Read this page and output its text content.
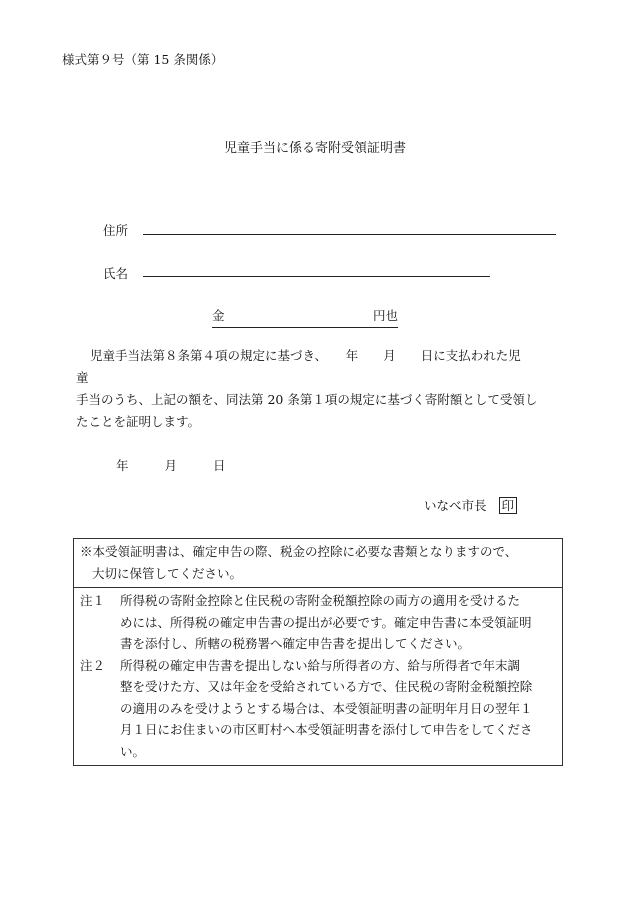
様式第９号（第 15 条関係）
児童手当に係る寄附受領証明書
住所
氏名
金	円也

児童手当法第８条第４項の規定に基づき、　　年　　月　　日に支払われた児

童

手当のうち、上記の額を、同法第 20 条第１項の規定に基づく寄附額として受領し

たことを証明します。

年	月	日
いなべ市長 印

※本受領証明書は、確定申告の際、税金の控除に必要な書類となりますので、

大切に保管してください。

注１	所得税の寄附金控除と住民税の寄附金税額控除の両方の適用を受けるた

めには、所得税の確定申告書の提出が必要です。確定申告書に本受領証明

書を添付し、所轄の税務署へ確定申告書を提出してください。

注２	所得税の確定申告書を提出しない給与所得者の方、給与所得者で年末調

整を受けた方、又は年金を受給されている方で、住民税の寄附金税額控除

の適用のみを受けようとする場合は、本受領証明書の証明年月日の翌年１

月１日にお住まいの市区町村へ本受領証明書を添付して申告をしてくださ

い。
